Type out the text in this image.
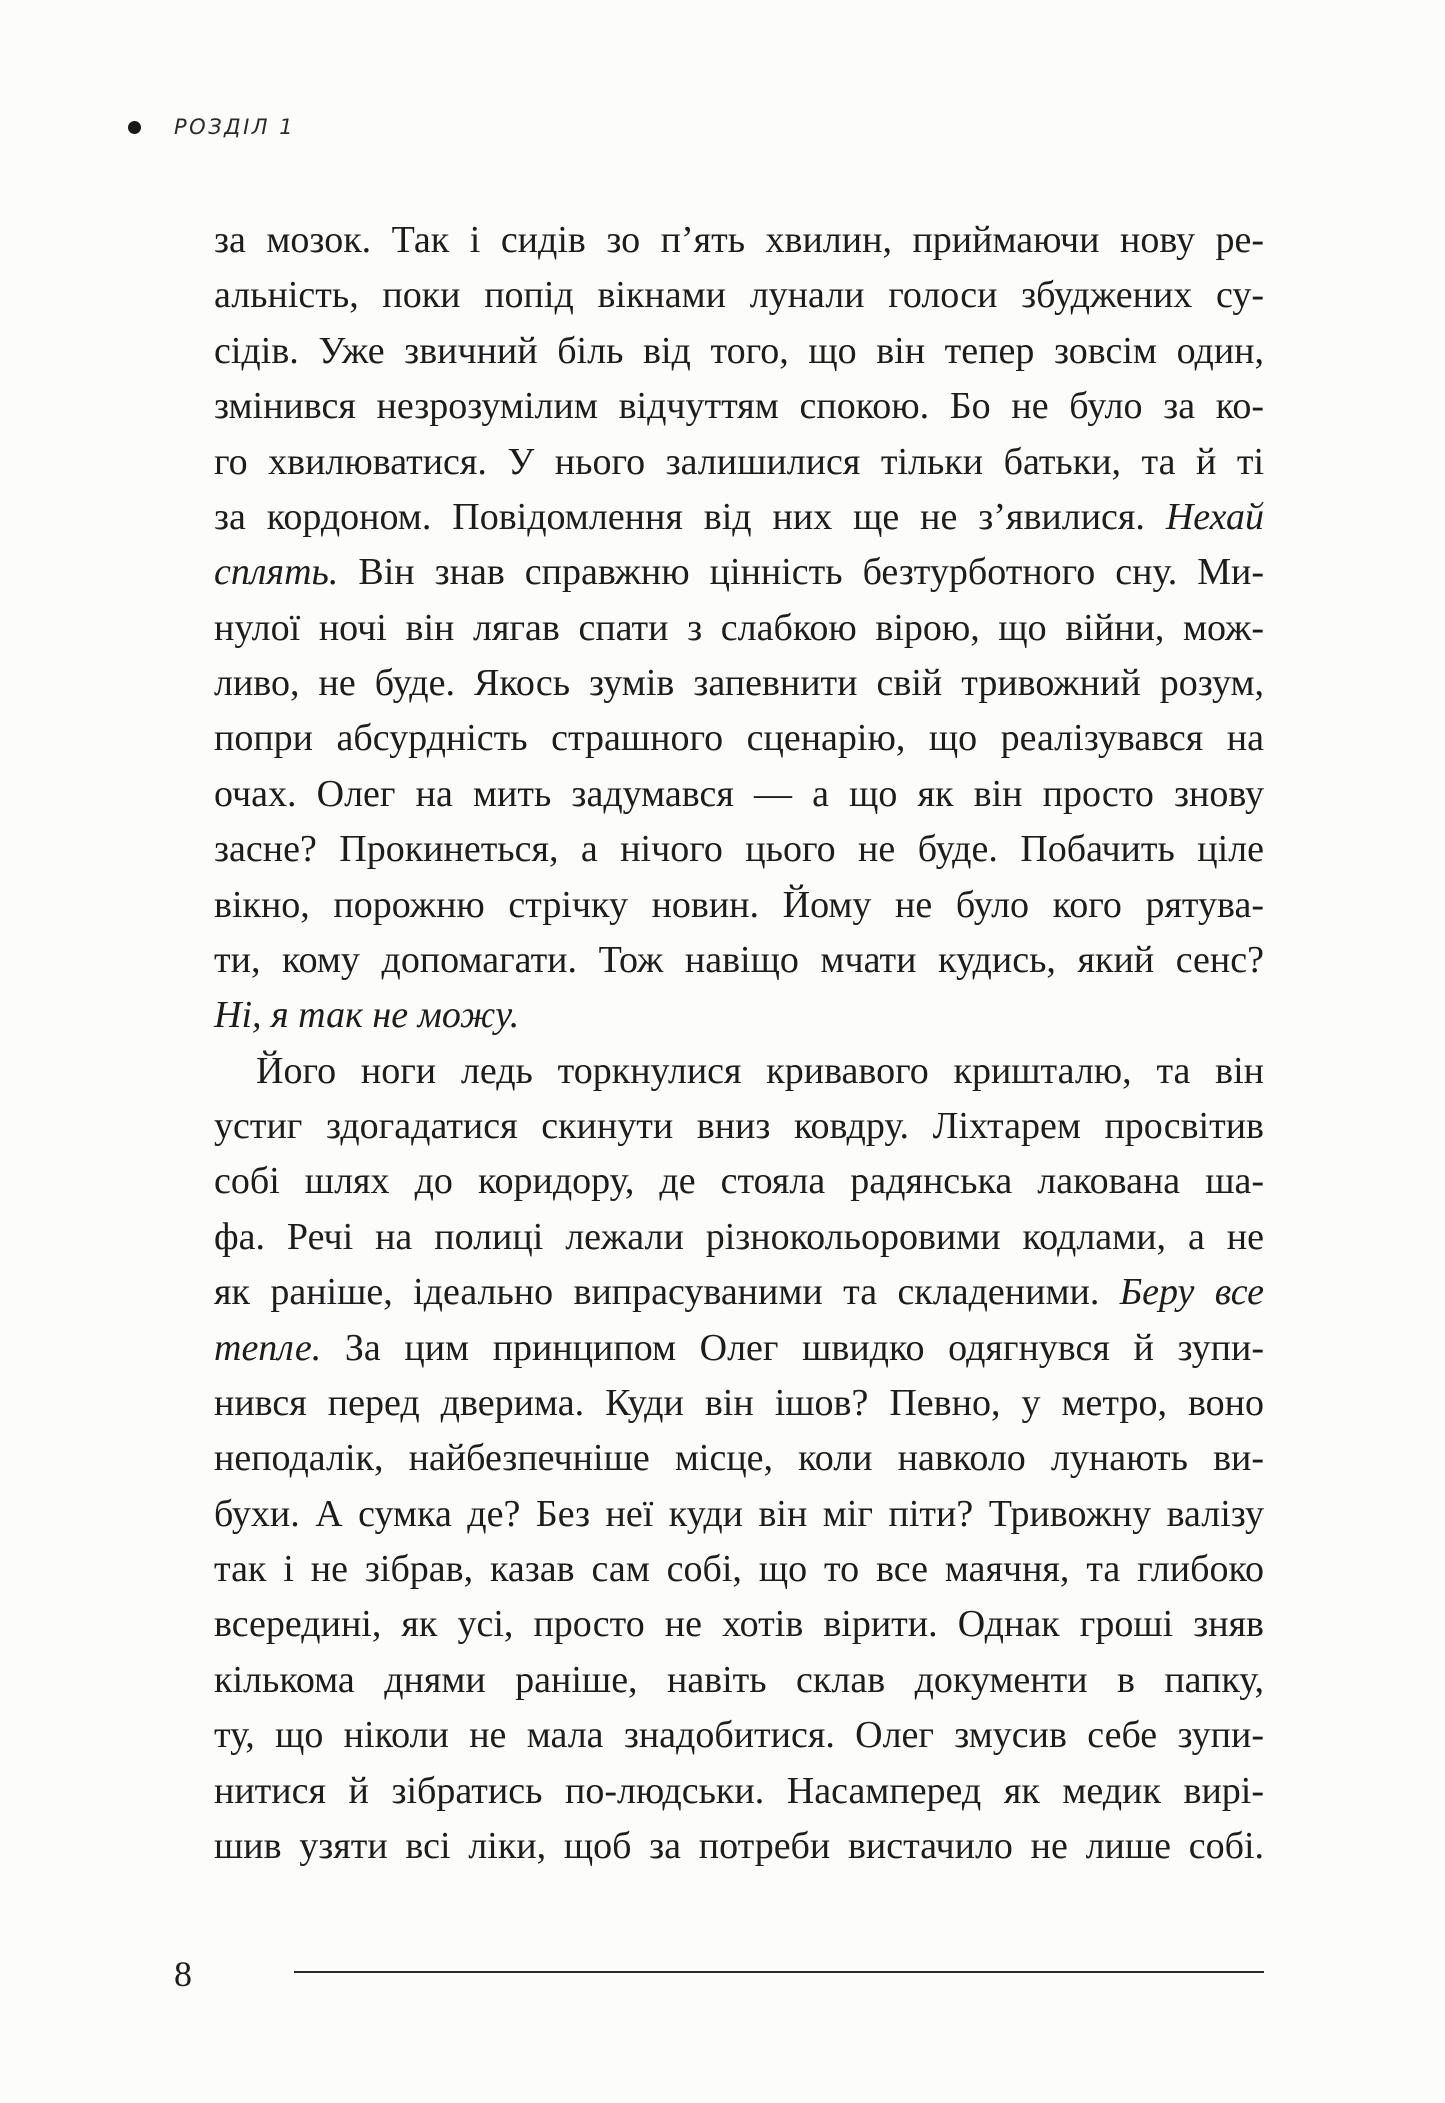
РОЗДІЛ 1
за мозок. Так і сидів зо п’ять хвилин, приймаючи нову ре-
альність, поки попід вікнами лунали голоси збуджених су-
сідів. Уже звичний біль від того, що він тепер зовсім один,
змінився незрозумілим відчуттям спокою. Бо не було за ко-
го хвилюватися. У нього залишилися тільки батьки, та й ті
за кордоном. Повідомлення від них ще не з’явилися. Нехай
сплять. Він знав справжню цінність безтурботного сну. Ми-
нулої ночі він лягав спати з слабкою вірою, що війни, мож-
ливо, не буде. Якось зумів запевнити свій тривожний розум,
попри абсурдність страшного сценарію, що реалізувався на
очах. Олег на мить задумався — а що як він просто знову
засне? Прокинеться, а нічого цього не буде. Побачить ціле
вікно, порожню стрічку новин. Йому не було кого рятува-
ти, кому допомагати. Тож навіщо мчати кудись, який сенс?
Ні, я так не можу.
Його ноги ледь торкнулися кривавого кришталю, та він
устиг здогадатися скинути вниз ковдру. Ліхтарем просвітив
собі шлях до коридору, де стояла радянська лакована ша-
фа. Речі на полиці лежали різнокольоровими кодлами, а не
як раніше, ідеально випрасуваними та складеними. Беру все
тепле. За цим принципом Олег швидко одягнувся й зупи-
нився перед дверима. Куди він ішов? Певно, у метро, воно
неподалік, найбезпечніше місце, коли навколо лунають ви-
бухи. А сумка де? Без неї куди він міг піти? Тривожну валізу
так і не зібрав, казав сам собі, що то все маячня, та глибоко
всередині, як усі, просто не хотів вірити. Однак гроші зняв
кількома днями раніше, навіть склав документи в папку,
ту, що ніколи не мала знадобитися. Олег змусив себе зупи-
нитися й зібратись по-людськи. Насамперед як медик вирі-
шив узяти всі ліки, щоб за потреби вистачило не лише собі.
8
